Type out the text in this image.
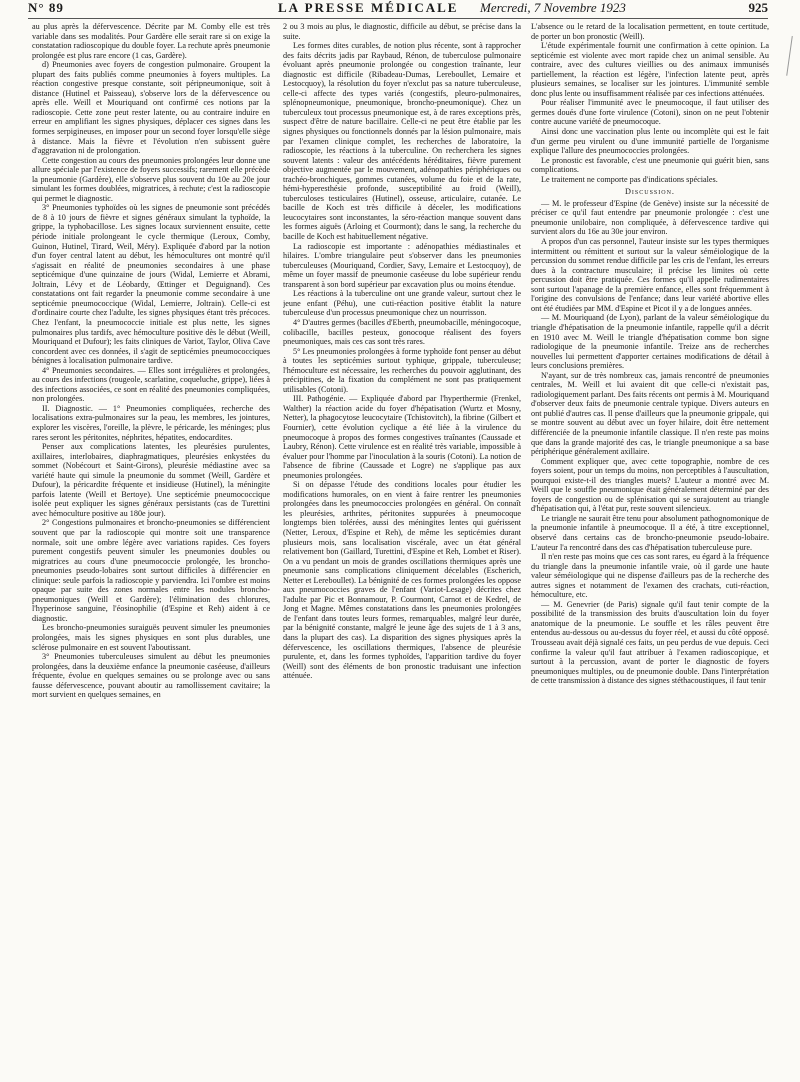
N° 89	LA PRESSE MÉDICALE Mercredi, 7 Novembre 1923	925

au plus après la défervescence. Décrite par M. Comby elle est très variable dans ses modalités. Pour Gardère elle serait rare si on exige la constatation radioscopique du double foyer. La rechute après pneumonie prolongée est plus rare encore (1 cas, Gardère).

d) Pneumonies avec foyers de congestion pulmonaire. Groupent la plupart des faits publiés comme pneumonies à foyers multiples. La réaction congestive presque constante, soit péripneumonique, soit à distance (Hutinel et Paisseau), s'observe lors de la défervescence ou après elle. Weill et Mouriquand ont confirmé ces notions par la radioscopie. Cette zone peut rester latente, ou au contraire induire en erreur en amplifiant les signes physiques, déplacer ces signes dans les formes serpigineuses, en imposer pour un second foyer lorsqu'elle siège à distance. Mais la fièvre et l'évolution n'en subissent guère d'aggravation ni de prolongation.

Cette congestion au cours des pneumonies prolongées leur donne une allure spéciale par l'existence de foyers successifs; rarement elle précède la pneumonie (Gardère), elle s'observe plus souvent du 10e au 20e jour simulant les formes doublées, migratrices, à rechute; c'est la radioscopie qui permet le diagnostic.

3° Pneumonies typhoïdes où les signes de pneumonie sont précédés de 8 à 10 jours de fièvre et signes généraux simulant la typhoïde, la grippe, la typhobacillose. Les signes locaux surviennent ensuite, cette période initiale prolongeant le cycle thermique (Leroux, Comby, Guinon, Hutinel, Tirard, Weil, Méry). Expliquée d'abord par la notion d'un foyer central latent au début, les hémocultures ont montré qu'il s'agissait en réalité de pneumonies secondaires à une phase septicémique d'une quinzaine de jours (Widal, Lemierre et Abrami, Joltrain, Lévy et de Léobardy, Œttinger et Deguignand). Ces constatations ont fait regarder la pneumonie comme secondaire à une septicémie pneumococcique (Widal, Lemierre, Joltrain). Celle-ci est d'ordinaire courte chez l'adulte, les signes physiques étant très précoces. Chez l'enfant, la pneumococcie initiale est plus nette, les signes pulmonaires plus tardifs, avec hémoculture positive dès le début (Weill, Mouriquand et Dufour); les faits cliniques de Variot, Taylor, Oliva Cave concordent avec ces données, il s'agit de septicémies pneumococciques bénignes à localisation pulmonaire tardive.

4° Pneumonies secondaires. — Elles sont irrégulières et prolongées, au cours des infections (rougeole, scarlatine, coqueluche, grippe), liées à des infections associées, ce sont en réalité des pneumonies compliquées, non prolongées.

II. Diagnostic. — 1° Pneumonies compliquées, recherche des localisations extra-pulmonaires sur la peau, les membres, les jointures, explorer les viscères, l'oreille, la plèvre, le péricarde, les méninges; plus rares seront les péritonites, néphrites, hépatites, endocardites.

Penser aux complications latentes, les pleurésies purulentes, axillaires, interlobaires, diaphragmatiques, pleurésies enkystées du sommet (Nobécourt et Saint-Girons), pleurésie médiastine avec sa variété haute qui simule la pneumonie du sommet (Weill, Gardère et Dufour), la péricardite fréquente et insidieuse (Hutinel), la méningite parfois latente (Weill et Bertoye). Une septicémie pneumococcique isolée peut expliquer les signes généraux persistants (cas de Turettini avec hémoculture positive au 180e jour).

2° Congestions pulmonaires et broncho-pneumonies se différencient souvent que par la radioscopie qui montre soit une transparence normale, soit une ombre légère avec variations rapides. Ces foyers purement congestifs peuvent simuler les pneumonies doubles ou migratrices au cours d'une pneumococcie prolongée, les broncho-pneumonies pseudo-lobaires sont surtout difficiles à différencier en clinique: seule parfois la radioscopie y parviendra. Ici l'ombre est moins opaque par suite des zones normales entre les nodules broncho-pneumoniques (Weill et Gardère); l'élimination des chlorures, l'hyperinose sanguine, l'éosinophilie (d'Espine et Reh) aident à ce diagnostic.

Les broncho-pneumonies suraiguës peuvent simuler les pneumonies prolongées, mais les signes physiques en sont plus durables, une sclérose pulmonaire en est souvent l'aboutissant.

3° Pneumonies tuberculeuses simulent au début les pneumonies prolongées, dans la deuxième enfance la pneumonie caséeuse, d'ailleurs fréquente, évolue en quelques semaines ou se prolonge avec ou sans fausse défervescence, pouvant aboutir au ramollissement cavitaire; la mort survient en quelques semaines, en

2 ou 3 mois au plus, le diagnostic, difficile au début, se précise dans la suite.

Les formes dites curables, de notion plus récente, sont à rapprocher des faits décrits jadis par Raybaud, Rénon, de tuberculose pulmonaire évoluant après pneumonie prolongée ou congestion traînante, leur diagnostic est difficile (Ribadeau-Dumas, Lereboullet, Lemaire et Lestocquoy), la résolution du foyer n'exclut pas sa nature tuberculeuse, celle-ci affecte des types variés (congestifs, pleuro-pulmonaires, splénopneumonique, pneumonique, broncho-pneumonique). Chez un tuberculeux tout processus pneumonique est, à de rares exceptions près, suspect d'être de nature bacillaire. Celle-ci ne peut être établie par les signes physiques ou fonctionnels donnés par la lésion pulmonaire, mais par l'examen clinique complet, les recherches de laboratoire, la radioscopie, les réactions à la tuberculine. On recherchera les signes souvent latents : valeur des antécédents héréditaires, fièvre purement objective augmentée par le mouvement, adénopathies périphériques ou trachéo-bronchiques, gommes cutanées, volume du foie et de la rate, hémi-hyperesthésie profonde, susceptibilité au froid (Weill), tuberculoses testiculaires (Hutinel), osseuse, articulaire, cutanée. Le bacille de Koch est très difficile à déceler, les modifications leucocytaires sont inconstantes, la séro-réaction manque souvent dans les formes aiguës (Arloing et Courmont); dans le sang, la recherche du bacille de Koch est habituellement négative.

La radioscopie est importante : adénopathies médiastinales et hilaires. L'ombre triangulaire peut s'observer dans les pneumonies tuberculeuses (Mouriquand, Cordier, Savy, Lemaire et Lestocquoy), de même un foyer massif de pneumonie caséeuse du lobe supérieur rendu transparent à son bord supérieur par excavation plus ou moins étendue.

Les réactions à la tuberculine ont une grande valeur, surtout chez le jeune enfant (Péhu), une cuti-réaction positive établit la nature tuberculeuse d'un processus pneumonique chez un nourrisson.

4° D'autres germes (bacilles d'Eberth, pneumobacille, méningocoque, colibacille, bacilles pesteux, gonocoque réalisent des foyers pneumoniques, mais ces cas sont très rares.

5° Les pneumonies prolongées à forme typhoïde font penser au début à toutes les septicémies surtout typhique, grippale, tuberculeuse; l'hémoculture est nécessaire, les recherches du pouvoir agglutinant, des précipitines, de la fixation du complément ne sont pas pratiquement utilisables (Cotoni).

III. Pathogénie. — Expliquée d'abord par l'hyperthermie (Frenkel, Walther) la réaction acide du foyer d'hépatisation (Wurtz et Mosny, Netter), la phagocytose leucocytaire (Tchistovitch), la fibrine (Gilbert et Fournier), cette évolution cyclique a été liée à la virulence du pneumocoque à propos des formes congestives traînantes (Caussade et Laubry, Rénon). Cette virulence est en réalité très variable, impossible à évaluer pour l'homme par l'inoculation à la souris (Cotoni). La notion de l'absence de fibrine (Caussade et Logre) ne s'applique pas aux pneumonies prolongées.

Si on dépasse l'étude des conditions locales pour étudier les modifications humorales, on en vient à faire rentrer les pneumonies prolongées dans les pneumococcies prolongées en général. On connaît les pleurésies, arthrites, péritonites suppurées à pneumocoque longtemps bien tolérées, aussi des méningites lentes qui guérissent (Netter, Leroux, d'Espine et Reh), de même les septicémies durant plusieurs mois, sans localisation viscérale, avec un état général relativement bon (Gaillard, Turettini, d'Espine et Reh, Lombet et Riser). On a vu pendant un mois de grandes oscillations thermiques après une pneumonie sans complications cliniquement décelables (Escherich, Netter et Lereboullet). La bénignité de ces formes prolongées les oppose aux pneumococcies graves de l'enfant (Variot-Lesage) décrites chez l'adulte par Pic et Bonnamour, P. Courmont, Carnot et de Kedrel, de Jong et Magne. Mêmes constatations dans les pneumonies prolongées de l'enfant dans toutes leurs formes, remarquables, malgré leur durée, par la bénignité constante, malgré le jeune âge des sujets de 1 à 3 ans, dans la plupart des cas). La disparition des signes physiques après la défervescence, les oscillations thermiques, l'absence de pleurésie purulente, et, dans les formes typhoïdes, l'apparition tardive du foyer (Weill) sont des éléments de bon pronostic traduisant une infection atténuée.

L'absence ou le retard de la localisation permettent, en toute certitude, de porter un bon pronostic (Weill).

L'étude expérimentale fournit une confirmation à cette opinion. La septicémie est violente avec mort rapide chez un animal sensible. Au contraire, avec des cultures vieillies ou des animaux immunisés partiellement, la réaction est légère, l'infection latente peut, après plusieurs semaines, se localiser sur les jointures. L'immunité semble donc plus lente ou insuffisamment réalisée par ces infections atténuées.

Pour réaliser l'immunité avec le pneumocoque, il faut utiliser des germes doués d'une forte virulence (Cotoni), sinon on ne peut l'obtenir contre aucune variété de pneumocoque.

Ainsi donc une vaccination plus lente ou incomplète qui est le fait d'un germe peu virulent ou d'une immunité partielle de l'organisme explique l'allure des pneumococcies prolongées.

Le pronostic est favorable, c'est une pneumonie qui guérit bien, sans complications.

Le traitement ne comporte pas d'indications spéciales.

Discussion.

— M. le professeur d'Espine (de Genève) insiste sur la nécessité de préciser ce qu'il faut entendre par pneumonie prolongée : c'est une pneumonie unilobaire, non compliquée, à défervescence tardive qui survient alors du 16e au 30e jour environ.

A propos d'un cas personnel, l'auteur insiste sur les types thermiques intermittent ou rémittent et surtout sur la valeur séméiologique de la percussion du sommet rendue difficile par les cris de l'enfant, les erreurs dues à la contracture musculaire; il précise les limites où cette percussion doit être pratiquée. Ces formes qu'il appelle rudimentaires sont surtout l'apanage de la première enfance, elles sont fréquemment à l'origine des convulsions de l'enfance; dans leur variété abortive elles ont été étudiées par MM. d'Espine et Picot il y a de longues années.

— M. Mouriquand (de Lyon), parlant de la valeur séméiologique du triangle d'hépatisation de la pneumonie infantile, rappelle qu'il a décrit en 1910 avec M. Weill le triangle d'hépatisation comme bon signe radiologique de la pneumonie infantile. Treize ans de recherches nouvelles lui permettent d'apporter certaines modifications de détail à leurs conclusions premières.

N'ayant, sur de très nombreux cas, jamais rencontré de pneumonies centrales, M. Weill et lui avaient dit que celle-ci n'existait pas, radiologiquement parlant. Des faits récents ont permis à M. Mouriquand d'observer deux faits de pneumonie centrale typique. Divers auteurs en ont publié d'autres cas. Il pense d'ailleurs que la pneumonie grippale, qui se montre souvent au début avec un foyer hilaire, doit être nettement différenciée de la pneumonie infantile classique. Il n'en reste pas moins que dans la grande majorité des cas, le triangle pneumonique a sa base périphérique généralement axillaire.

Comment expliquer que, avec cette topographie, nombre de ces foyers soient, pour un temps du moins, non perceptibles à l'auscultation, pourquoi existe-t-il des triangles muets? L'auteur a montré avec M. Weill que le souffle pneumonique était généralement déterminé par des foyers de congestion ou de splénisation qui se surajoutent au triangle d'hépatisation qui, à l'état pur, reste souvent silencieux.

Le triangle ne saurait être tenu pour absolument pathognomonique de la pneumonie infantile à pneumocoque. Il a été, à titre exceptionnel, observé dans certains cas de broncho-pneumonie pseudo-lobaire. L'auteur l'a rencontré dans des cas d'hépatisation tuberculeuse pure.

Il n'en reste pas moins que ces cas sont rares, eu égard à la fréquence du triangle dans la pneumonie infantile vraie, où il garde une haute valeur séméiologique qui ne dispense d'ailleurs pas de la recherche des autres signes et notamment de l'examen des crachats, cuti-réaction, hémoculture, etc.

— M. Genevrier (de Paris) signale qu'il faut tenir compte de la possibilité de la transmission des bruits d'auscultation loin du foyer anatomique de la pneumonie. Le souffle et les râles peuvent être entendus au-dessous ou au-dessus du foyer réel, et aussi du côté opposé. Trousseau avait déjà signalé ces faits, un peu perdus de vue depuis. Ceci confirme la valeur qu'il faut attribuer à l'examen radioscopique, et surtout à la percussion, avant de porter le diagnostic de foyers pneumoniques multiples, ou de pneumonie double. Dans l'interprétation de cette transmission à distance des signes stéthacoustiques, il faut tenir
